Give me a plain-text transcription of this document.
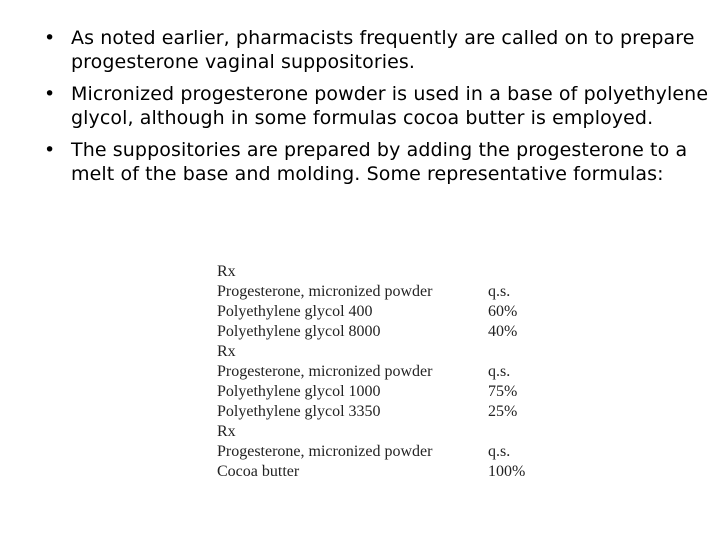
• As noted earlier, pharmacists frequently are called on to prepare progesterone vaginal suppositories.
• Micronized progesterone powder is used in a base of polyethylene glycol, although in some formulas cocoa butter is employed.
• The suppositories are prepared by adding the progesterone to a melt of the base and molding. Some representative formulas:
Rx
Progesterone, micronized powder	q.s.
Polyethylene glycol 400	60%
Polyethylene glycol 8000	40%
Rx
Progesterone, micronized powder	q.s.
Polyethylene glycol 1000	75%
Polyethylene glycol 3350	25%
Rx
Progesterone, micronized powder	q.s.
Cocoa butter	100%
